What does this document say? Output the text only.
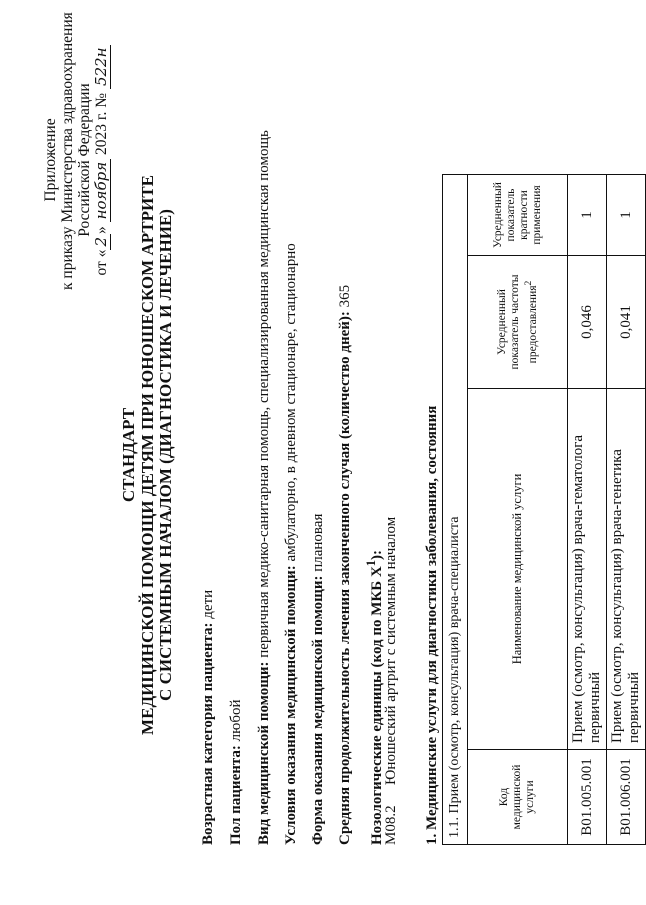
Приложение к приказу Министерства здравоохранения Российской Федерации
от «2» ноября 2023 г. № 522н
СТАНДАРТ МЕДИЦИНСКОЙ ПОМОЩИ ДЕТЯМ ПРИ ЮНОШЕСКОМ АРТРИТЕ С СИСТЕМНЫМ НАЧАЛОМ (ДИАГНОСТИКА И ЛЕЧЕНИЕ)
Возрастная категория пациента: дети
Пол пациента: любой Вид медицинской помощи: первичная медико-санитарная помощь, специализированная медицинская помощь
Условия оказания медицинской помощи: амбулаторно, в дневном стационаре, стационарно
Форма оказания медицинской помощи: плановая Средняя продолжительность лечения законченного случая (количество дней): 365
Нозологические единицы (код по МКБ $X^1$):
M08.2Юношеский артрит с системным началом 1. Медицинские услуги для диагностики заболевания, состояния 1.1. Прием (осмотр, консультация) врача-специалиста			
Код медицинской услуги	Наименование медицинской услуги	Усредненный показатель частоты предоставления$^2$	Усредненный показатель кратности применения
B01.005.001	Прием (осмотр, консультация) врача-гематолога первичный	0,046	1
B01.006.001	Прием (осмотр, консультация) врача-генетика первичный	0,041	1
